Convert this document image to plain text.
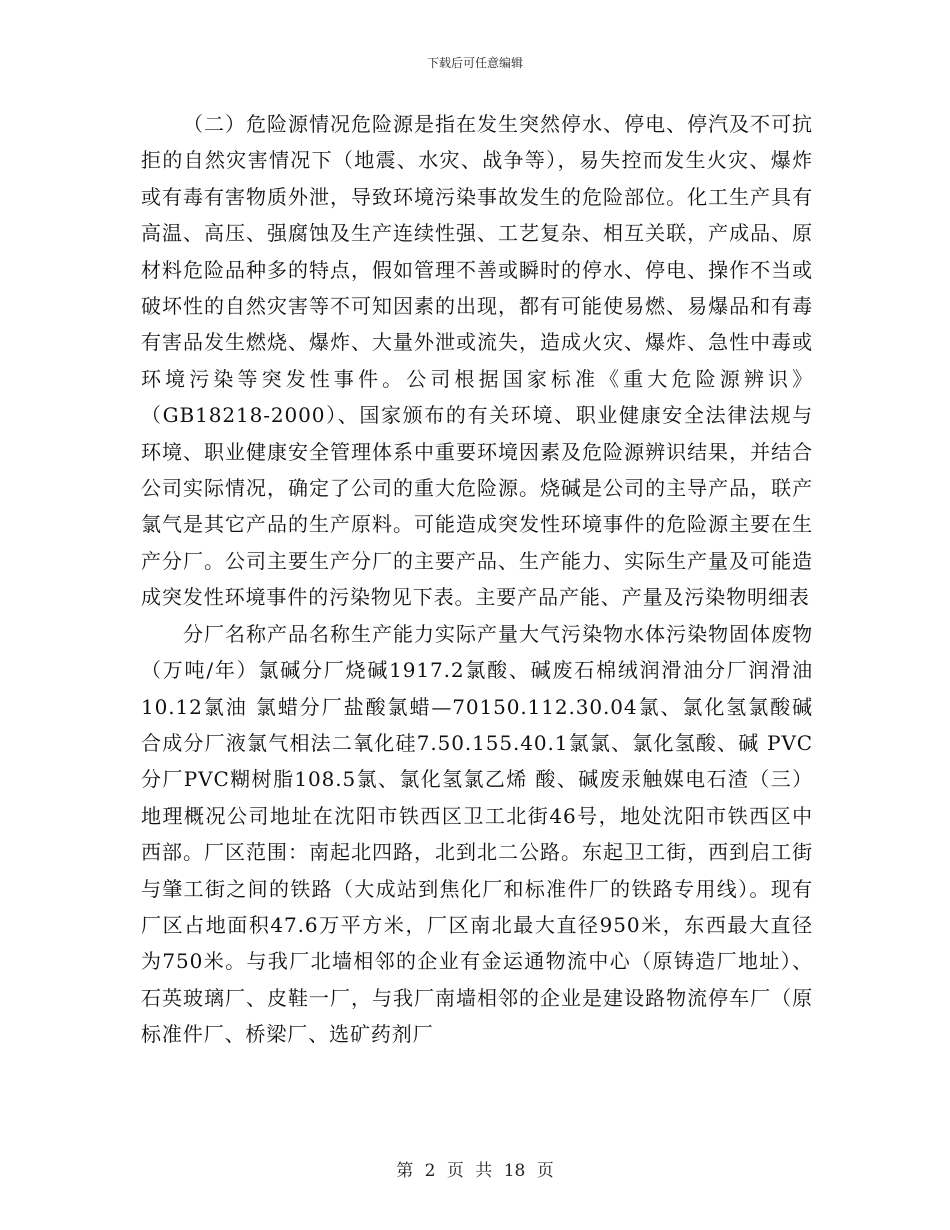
下载后可任意编辑

（二）危险源情况危险源是指在发生突然停水、停电、停汽及不可抗拒的自然灾害情况下（地震、水灾、战争等），易失控而发生火灾、爆炸或有毒有害物质外泄，导致环境污染事故发生的危险部位。化工生产具有高温、高压、强腐蚀及生产连续性强、工艺复杂、相互关联，产成品、原材料危险品种多的特点，假如管理不善或瞬时的停水、停电、操作不当或破坏性的自然灾害等不可知因素的出现，都有可能使易燃、易爆品和有毒有害品发生燃烧、爆炸、大量外泄或流失，造成火灾、爆炸、急性中毒或环境污染等突发性事件。公司根据国家标准《重大危险源辨识》（GB18218-2000）、国家颁布的有关环境、职业健康安全法律法规与环境、职业健康安全管理体系中重要环境因素及危险源辨识结果，并结合公司实际情况，确定了公司的重大危险源。烧碱是公司的主导产品，联产氯气是其它产品的生产原料。可能造成突发性环境事件的危险源主要在生产分厂。公司主要生产分厂的主要产品、生产能力、实际生产量及可能造成突发性环境事件的污染物见下表。主要产品产能、产量及污染物明细表

分厂名称产品名称生产能力实际产量大气污染物水体污染物固体废物（万吨/年）氯碱分厂烧碱1917.2氯酸、碱废石棉绒润滑油分厂润滑油10.12氯油 氯蜡分厂盐酸氯蜡—70150.112.30.04氯、氯化氢氯酸碱 合成分厂液氯气相法二氧化硅7.50.155.40.1氯氯、氯化氢酸、碱 PVC分厂PVC糊树脂108.5氯、氯化氢氯乙烯 酸、碱废汞触媒电石渣（三）地理概况公司地址在沈阳市铁西区卫工北街46号，地处沈阳市铁西区中西部。厂区范围：南起北四路，北到北二公路。东起卫工街，西到启工街与肇工街之间的铁路（大成站到焦化厂和标准件厂的铁路专用线）。现有厂区占地面积47.6万平方米，厂区南北最大直径950米，东西最大直径为750米。与我厂北墙相邻的企业有金运通物流中心（原铸造厂地址）、石英玻璃厂、皮鞋一厂，与我厂南墙相邻的企业是建设路物流停车厂（原标准件厂、桥梁厂、选矿药剂厂

第 2 页 共 18 页
